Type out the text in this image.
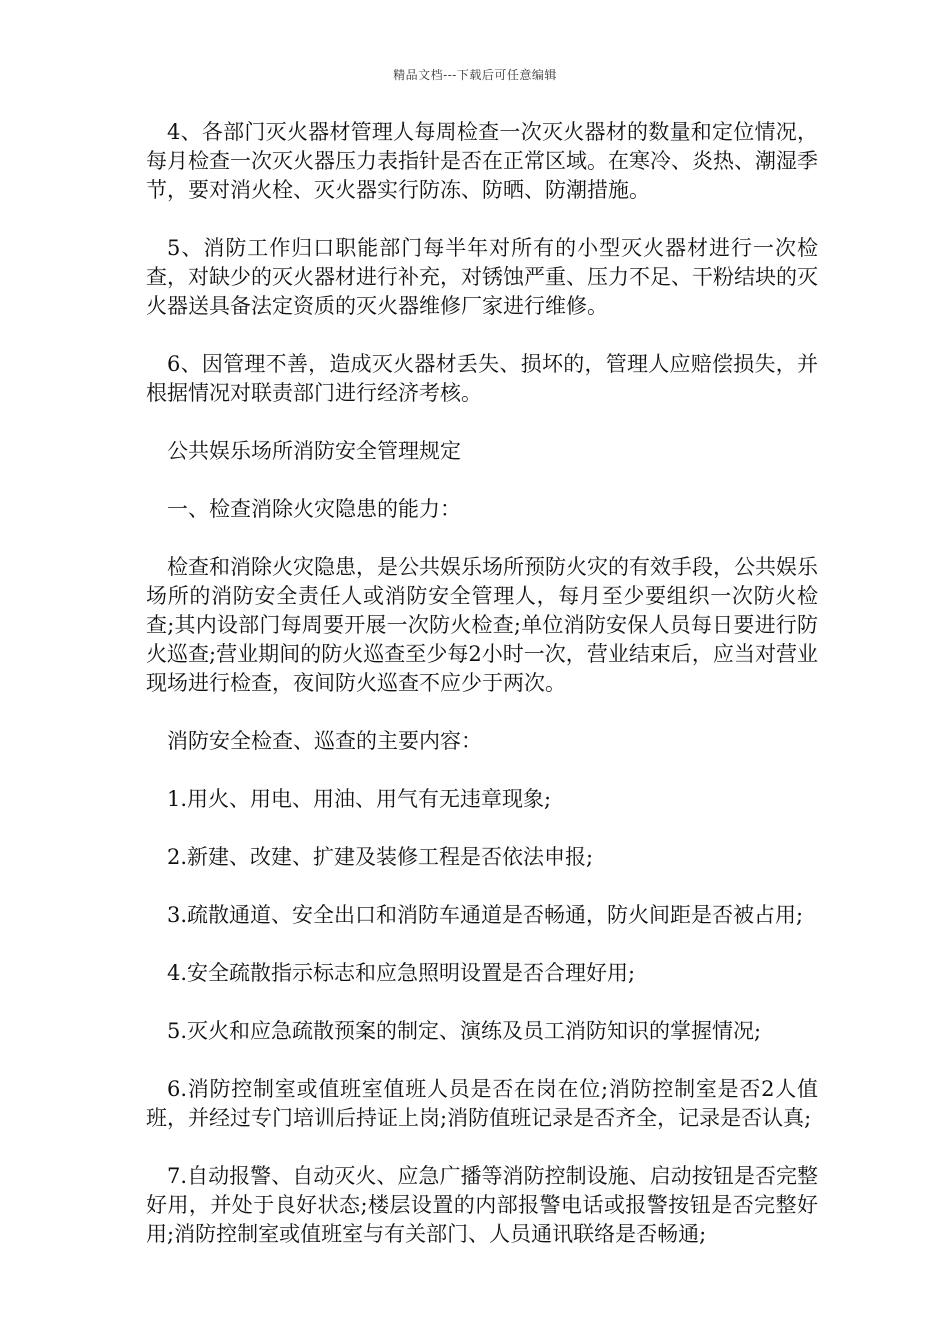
精品文档---下载后可任意编辑

4、各部门灭火器材管理人每周检查一次灭火器材的数量和定位情况，每月检查一次灭火器压力表指针是否在正常区域。在寒冷、炎热、潮湿季节，要对消火栓、灭火器实行防冻、防晒、防潮措施。

5、消防工作归口职能部门每半年对所有的小型灭火器材进行一次检查，对缺少的灭火器材进行补充，对锈蚀严重、压力不足、干粉结块的灭火器送具备法定资质的灭火器维修厂家进行维修。

6、因管理不善，造成灭火器材丢失、损坏的，管理人应赔偿损失，并根据情况对联责部门进行经济考核。

公共娱乐场所消防安全管理规定

一、检查消除火灾隐患的能力：

检查和消除火灾隐患，是公共娱乐场所预防火灾的有效手段，公共娱乐场所的消防安全责任人或消防安全管理人，每月至少要组织一次防火检查;其内设部门每周要开展一次防火检查;单位消防安保人员每日要进行防火巡查;营业期间的防火巡查至少每2小时一次，营业结束后，应当对营业现场进行检查，夜间防火巡查不应少于两次。

消防安全检查、巡查的主要内容：

1.用火、用电、用油、用气有无违章现象;

2.新建、改建、扩建及装修工程是否依法申报;

3.疏散通道、安全出口和消防车通道是否畅通，防火间距是否被占用;

4.安全疏散指示标志和应急照明设置是否合理好用;

5.灭火和应急疏散预案的制定、演练及员工消防知识的掌握情况;

6.消防控制室或值班室值班人员是否在岗在位;消防控制室是否2人值班，并经过专门培训后持证上岗;消防值班记录是否齐全，记录是否认真;

7.自动报警、自动灭火、应急广播等消防控制设施、启动按钮是否完整好用，并处于良好状态;楼层设置的内部报警电话或报警按钮是否完整好用;消防控制室或值班室与有关部门、人员通讯联络是否畅通;
